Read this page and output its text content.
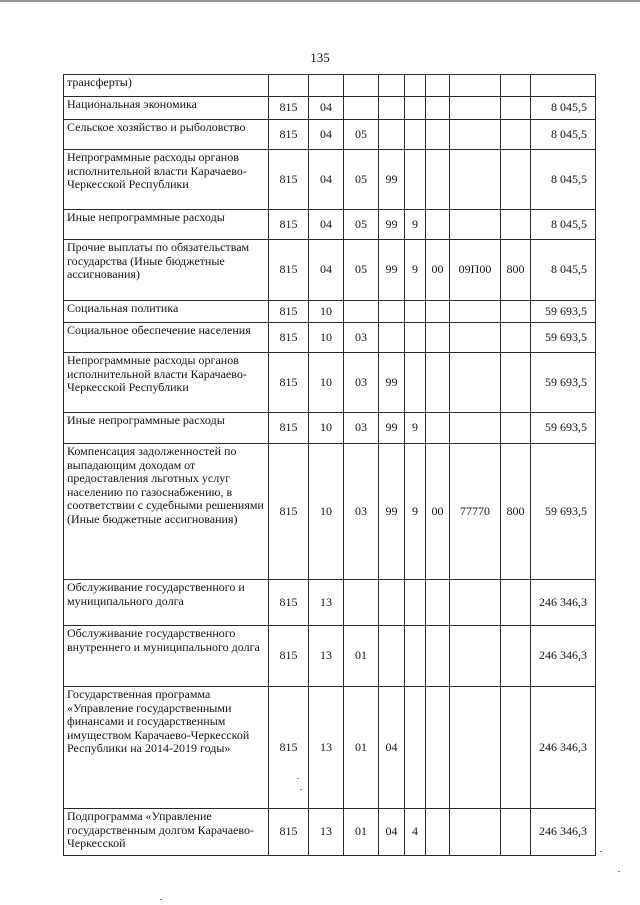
135
трансферты)									
Национальная экономика	815	04							8 045,5
Сельское хозяйство и рыболовство	815	04	05						8 045,5
Непрограммные расходы органов исполнительной власти Карачаево-Черкесской Республики	815	04	05	99					8 045,5
Иные непрограммные расходы	815	04	05	99	9				8 045,5
Прочие выплаты по обязательствам государства (Иные бюджетные ассигнования)	815	04	05	99	9	00	09П00	800	8 045,5
Социальная политика	815	10							59 693,5
Социальное обеспечение населения	815	10	03						59 693,5
Непрограммные расходы органов исполнительной власти Карачаево-Черкесской Республики	815	10	03	99					59 693,5
Иные непрограммные расходы	815	10	03	99	9				59 693,5
Компенсация задолженностей по выпадающим доходам от предоставления льготных услуг населению по газоснабжению, в соответствии с судебными решениями (Иные бюджетные ассигнования)	815	10	03	99	9	00	77770	800	59 693,5
Обслуживание государственного и муниципального долга	815	13							246 346,3
Обслуживание государственного внутреннего и муниципального долга	815	13	01						246 346,3
Государственная программа «Управление государственными финансами и государственным имуществом Карачаево-Черкесской Республики на 2014-2019 годы»	815	13	01	04					246 346,3
Подпрограмма «Управление государственным долгом Карачаево-Черкесской	815	13	01	04	4				246 346,3
